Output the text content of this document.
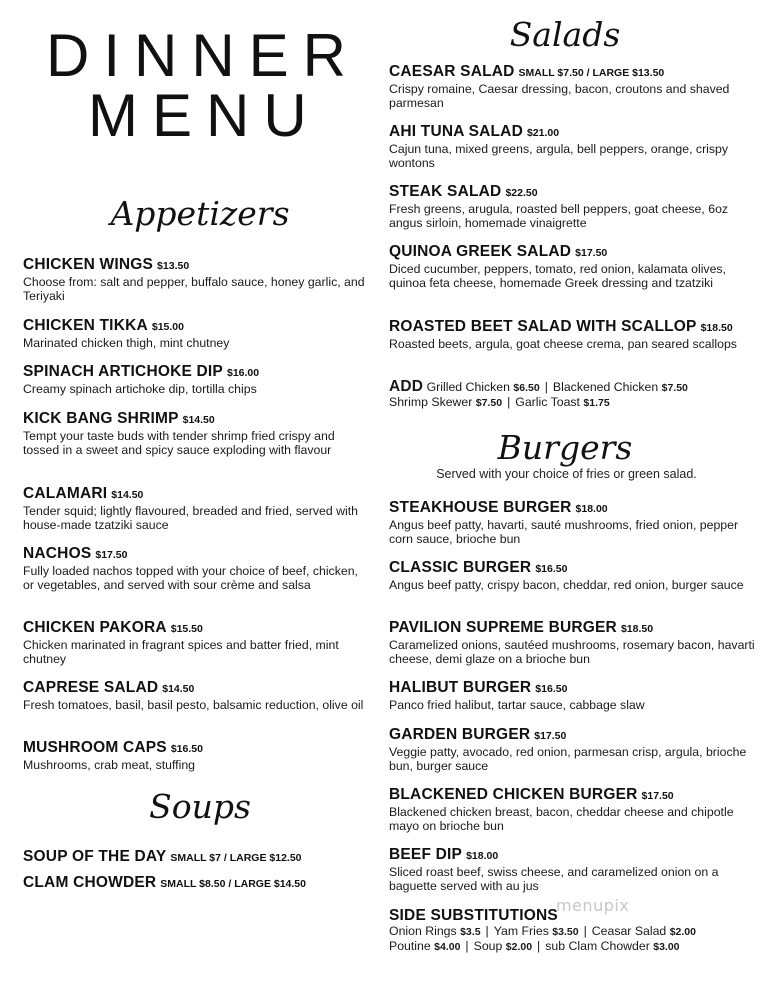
DINNER
MENU
Appetizers
CHICKEN WINGS $13.50
Choose from: salt and pepper, buffalo sauce, honey garlic, and Teriyaki
CHICKEN TIKKA $15.00
Marinated chicken thigh, mint chutney
SPINACH ARTICHOKE DIP $16.00
Creamy spinach artichoke dip, tortilla chips
KICK BANG SHRIMP $14.50
Tempt your taste buds with tender shrimp fried crispy and tossed in a sweet and spicy sauce exploding with flavour
CALAMARI $14.50
Tender squid; lightly flavoured, breaded and fried, served with house-made tzatziki sauce
NACHOS $17.50
Fully loaded nachos topped with your choice of beef, chicken, or vegetables, and served with sour crème and salsa
CHICKEN PAKORA $15.50
Chicken marinated in fragrant spices and batter fried, mint chutney
CAPRESE SALAD $14.50
Fresh tomatoes, basil, basil pesto, balsamic reduction, olive oil
MUSHROOM CAPS $16.50
Mushrooms, crab meat, stuffing
Soups
SOUP OF THE DAY SMALL $7 / LARGE $12.50
CLAM CHOWDER SMALL $8.50 / LARGE $14.50
Salads
CAESAR SALAD SMALL $7.50 / LARGE $13.50
Crispy romaine, Caesar dressing, bacon, croutons and shaved parmesan
AHI TUNA SALAD $21.00
Cajun tuna, mixed greens, argula, bell peppers, orange, crispy wontons
STEAK SALAD $22.50
Fresh greens, arugula, roasted bell peppers, goat cheese, 6oz angus sirloin, homemade vinaigrette
QUINOA GREEK SALAD $17.50
Diced cucumber, peppers, tomato, red onion, kalamata olives, quinoa feta cheese, homemade Greek dressing and tzatziki
ROASTED BEET SALAD WITH SCALLOP $18.50
Roasted beets, argula, goat cheese crema, pan seared scallops
ADD Grilled Chicken $6.50 | Blackened Chicken $7.50
Shrimp Skewer $7.50 | Garlic Toast $1.75
Burgers
Served with your choice of fries or green salad.
STEAKHOUSE BURGER $18.00
Angus beef patty, havarti, sauté mushrooms, fried onion, pepper corn sauce, brioche bun
CLASSIC BURGER $16.50
Angus beef patty, crispy bacon, cheddar, red onion, burger sauce
PAVILION SUPREME BURGER $18.50
Caramelized onions, sautéed mushrooms, rosemary bacon, havarti cheese, demi glaze on a brioche bun
HALIBUT BURGER $16.50
Panco fried halibut, tartar sauce, cabbage slaw
GARDEN BURGER $17.50
Veggie patty, avocado, red onion, parmesan crisp, argula, brioche bun, burger sauce
BLACKENED CHICKEN BURGER $17.50
Blackened chicken breast, bacon, cheddar cheese and chipotle mayo on brioche bun
BEEF DIP $18.00
Sliced roast beef, swiss cheese, and caramelized onion on a baguette served with au jus
SIDE SUBSTITUTIONS
Onion Rings $3.5 | Yam Fries $3.50 | Ceasar Salad $2.00
Poutine $4.00 | Soup $2.00 | sub Clam Chowder $3.00
menupix
